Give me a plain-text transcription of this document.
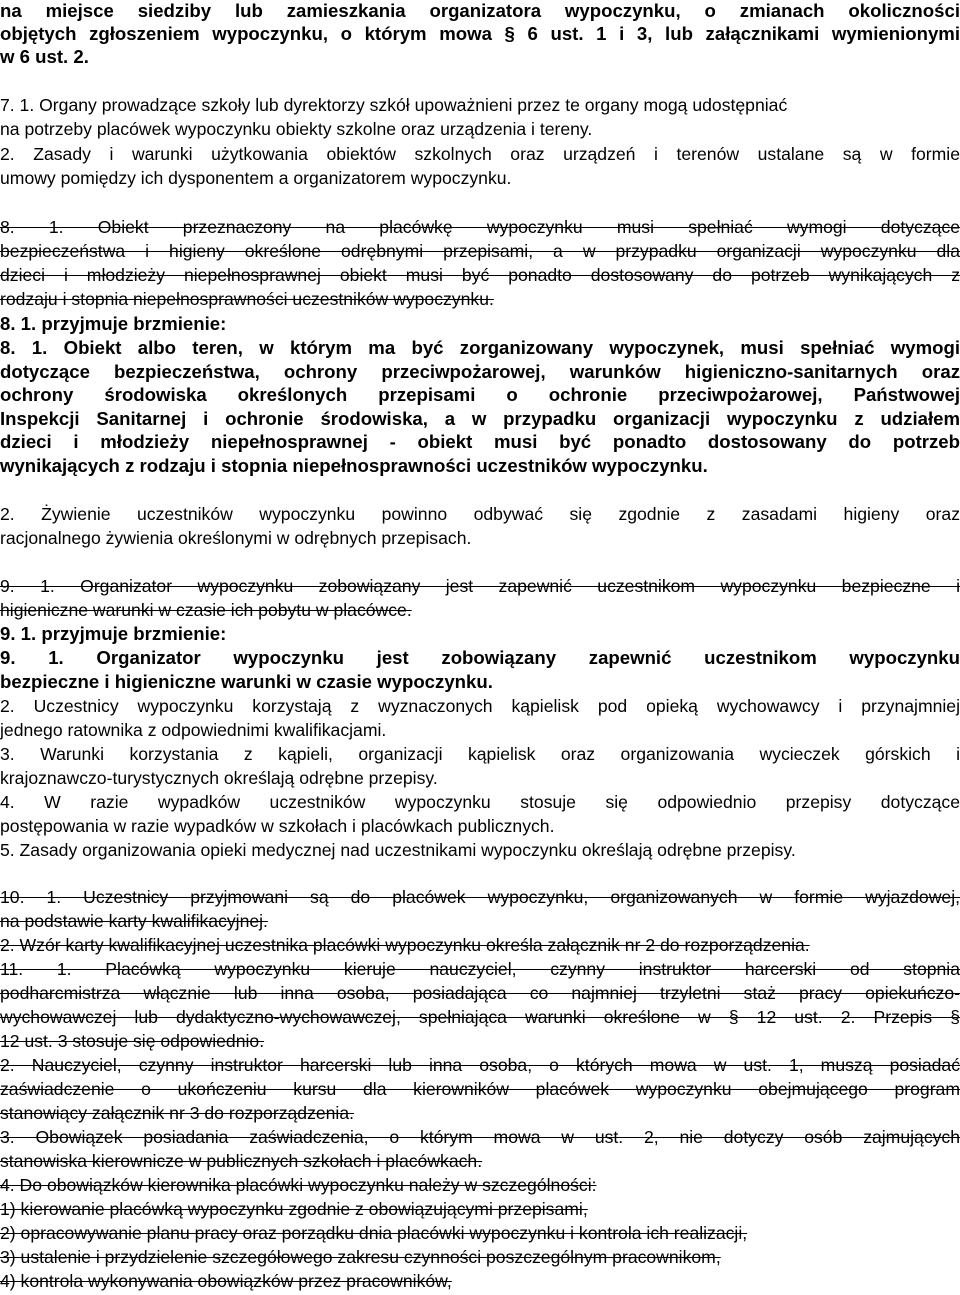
na miejsce siedziby lub zamieszkania organizatora wypoczynku, o zmianach okoliczności
objętych zgłoszeniem wypoczynku, o którym mowa § 6 ust. 1 i 3, lub załącznikami wymienionymi
w 6 ust. 2.
7. 1. Organy prowadzące szkoły lub dyrektorzy szkół upoważnieni przez te organy mogą udostępniać
na potrzeby placówek wypoczynku obiekty szkolne oraz urządzenia i tereny.
2. Zasady i warunki użytkowania obiektów szkolnych oraz urządzeń i terenów ustalane są w formie
umowy pomiędzy ich dysponentem a organizatorem wypoczynku.
8. 1. Obiekt przeznaczony na placówkę wypoczynku musi spełniać wymogi dotyczące
bezpieczeństwa i higieny określone odrębnymi przepisami, a w przypadku organizacji wypoczynku dla
dzieci i młodzieży niepełnosprawnej obiekt musi być ponadto dostosowany do potrzeb wynikających z
rodzaju i stopnia niepełnosprawności uczestników wypoczynku.
8. 1. przyjmuje brzmienie:
8. 1. Obiekt albo teren, w którym ma być zorganizowany wypoczynek, musi spełniać wymogi
dotyczące bezpieczeństwa, ochrony przeciwpożarowej, warunków higieniczno-sanitarnych oraz
ochrony środowiska określonych przepisami o ochronie przeciwpożarowej, Państwowej
Inspekcji Sanitarnej i ochronie środowiska, a w przypadku organizacji wypoczynku z udziałem
dzieci i młodzieży niepełnosprawnej - obiekt musi być ponadto dostosowany do potrzeb
wynikających z rodzaju i stopnia niepełnosprawności uczestników wypoczynku.
2. Żywienie uczestników wypoczynku powinno odbywać się zgodnie z zasadami higieny oraz
racjonalnego żywienia określonymi w odrębnych przepisach.
9. 1. Organizator wypoczynku zobowiązany jest zapewnić uczestnikom wypoczynku bezpieczne i
higieniczne warunki w czasie ich pobytu w placówce.
9. 1. przyjmuje brzmienie:
9. 1. Organizator wypoczynku jest zobowiązany zapewnić uczestnikom wypoczynku
bezpieczne i higieniczne warunki w czasie wypoczynku.
2. Uczestnicy wypoczynku korzystają z wyznaczonych kąpielisk pod opieką wychowawcy i przynajmniej
jednego ratownika z odpowiednimi kwalifikacjami.
3. Warunki korzystania z kąpieli, organizacji kąpielisk oraz organizowania wycieczek górskich i
krajoznawczo-turystycznych określają odrębne przepisy.
4. W razie wypadków uczestników wypoczynku stosuje się odpowiednio przepisy dotyczące
postępowania w razie wypadków w szkołach i placówkach publicznych.
5. Zasady organizowania opieki medycznej nad uczestnikami wypoczynku określają odrębne przepisy.
10. 1. Uczestnicy przyjmowani są do placówek wypoczynku, organizowanych w formie wyjazdowej,
na podstawie karty kwalifikacyjnej.
2. Wzór karty kwalifikacyjnej uczestnika placówki wypoczynku określa załącznik nr 2 do rozporządzenia.
11. 1. Placówką wypoczynku kieruje nauczyciel, czynny instruktor harcerski od stopnia
podharcmistrza włącznie lub inna osoba, posiadająca co najmniej trzyletni staż pracy opiekuńczo-
wychowawczej lub dydaktyczno-wychowawczej, spełniająca warunki określone w § 12 ust. 2. Przepis §
12 ust. 3 stosuje się odpowiednio.
2. Nauczyciel, czynny instruktor harcerski lub inna osoba, o których mowa w ust. 1, muszą posiadać
zaświadczenie o ukończeniu kursu dla kierowników placówek wypoczynku obejmującego program
stanowiący załącznik nr 3 do rozporządzenia.
3. Obowiązek posiadania zaświadczenia, o którym mowa w ust. 2, nie dotyczy osób zajmujących
stanowiska kierownicze w publicznych szkołach i placówkach.
4. Do obowiązków kierownika placówki wypoczynku należy w szczególności:
1) kierowanie placówką wypoczynku zgodnie z obowiązującymi przepisami,
2) opracowywanie planu pracy oraz porządku dnia placówki wypoczynku i kontrola ich realizacji,
3) ustalenie i przydzielenie szczegółowego zakresu czynności poszczególnym pracownikom,
4) kontrola wykonywania obowiązków przez pracowników,
